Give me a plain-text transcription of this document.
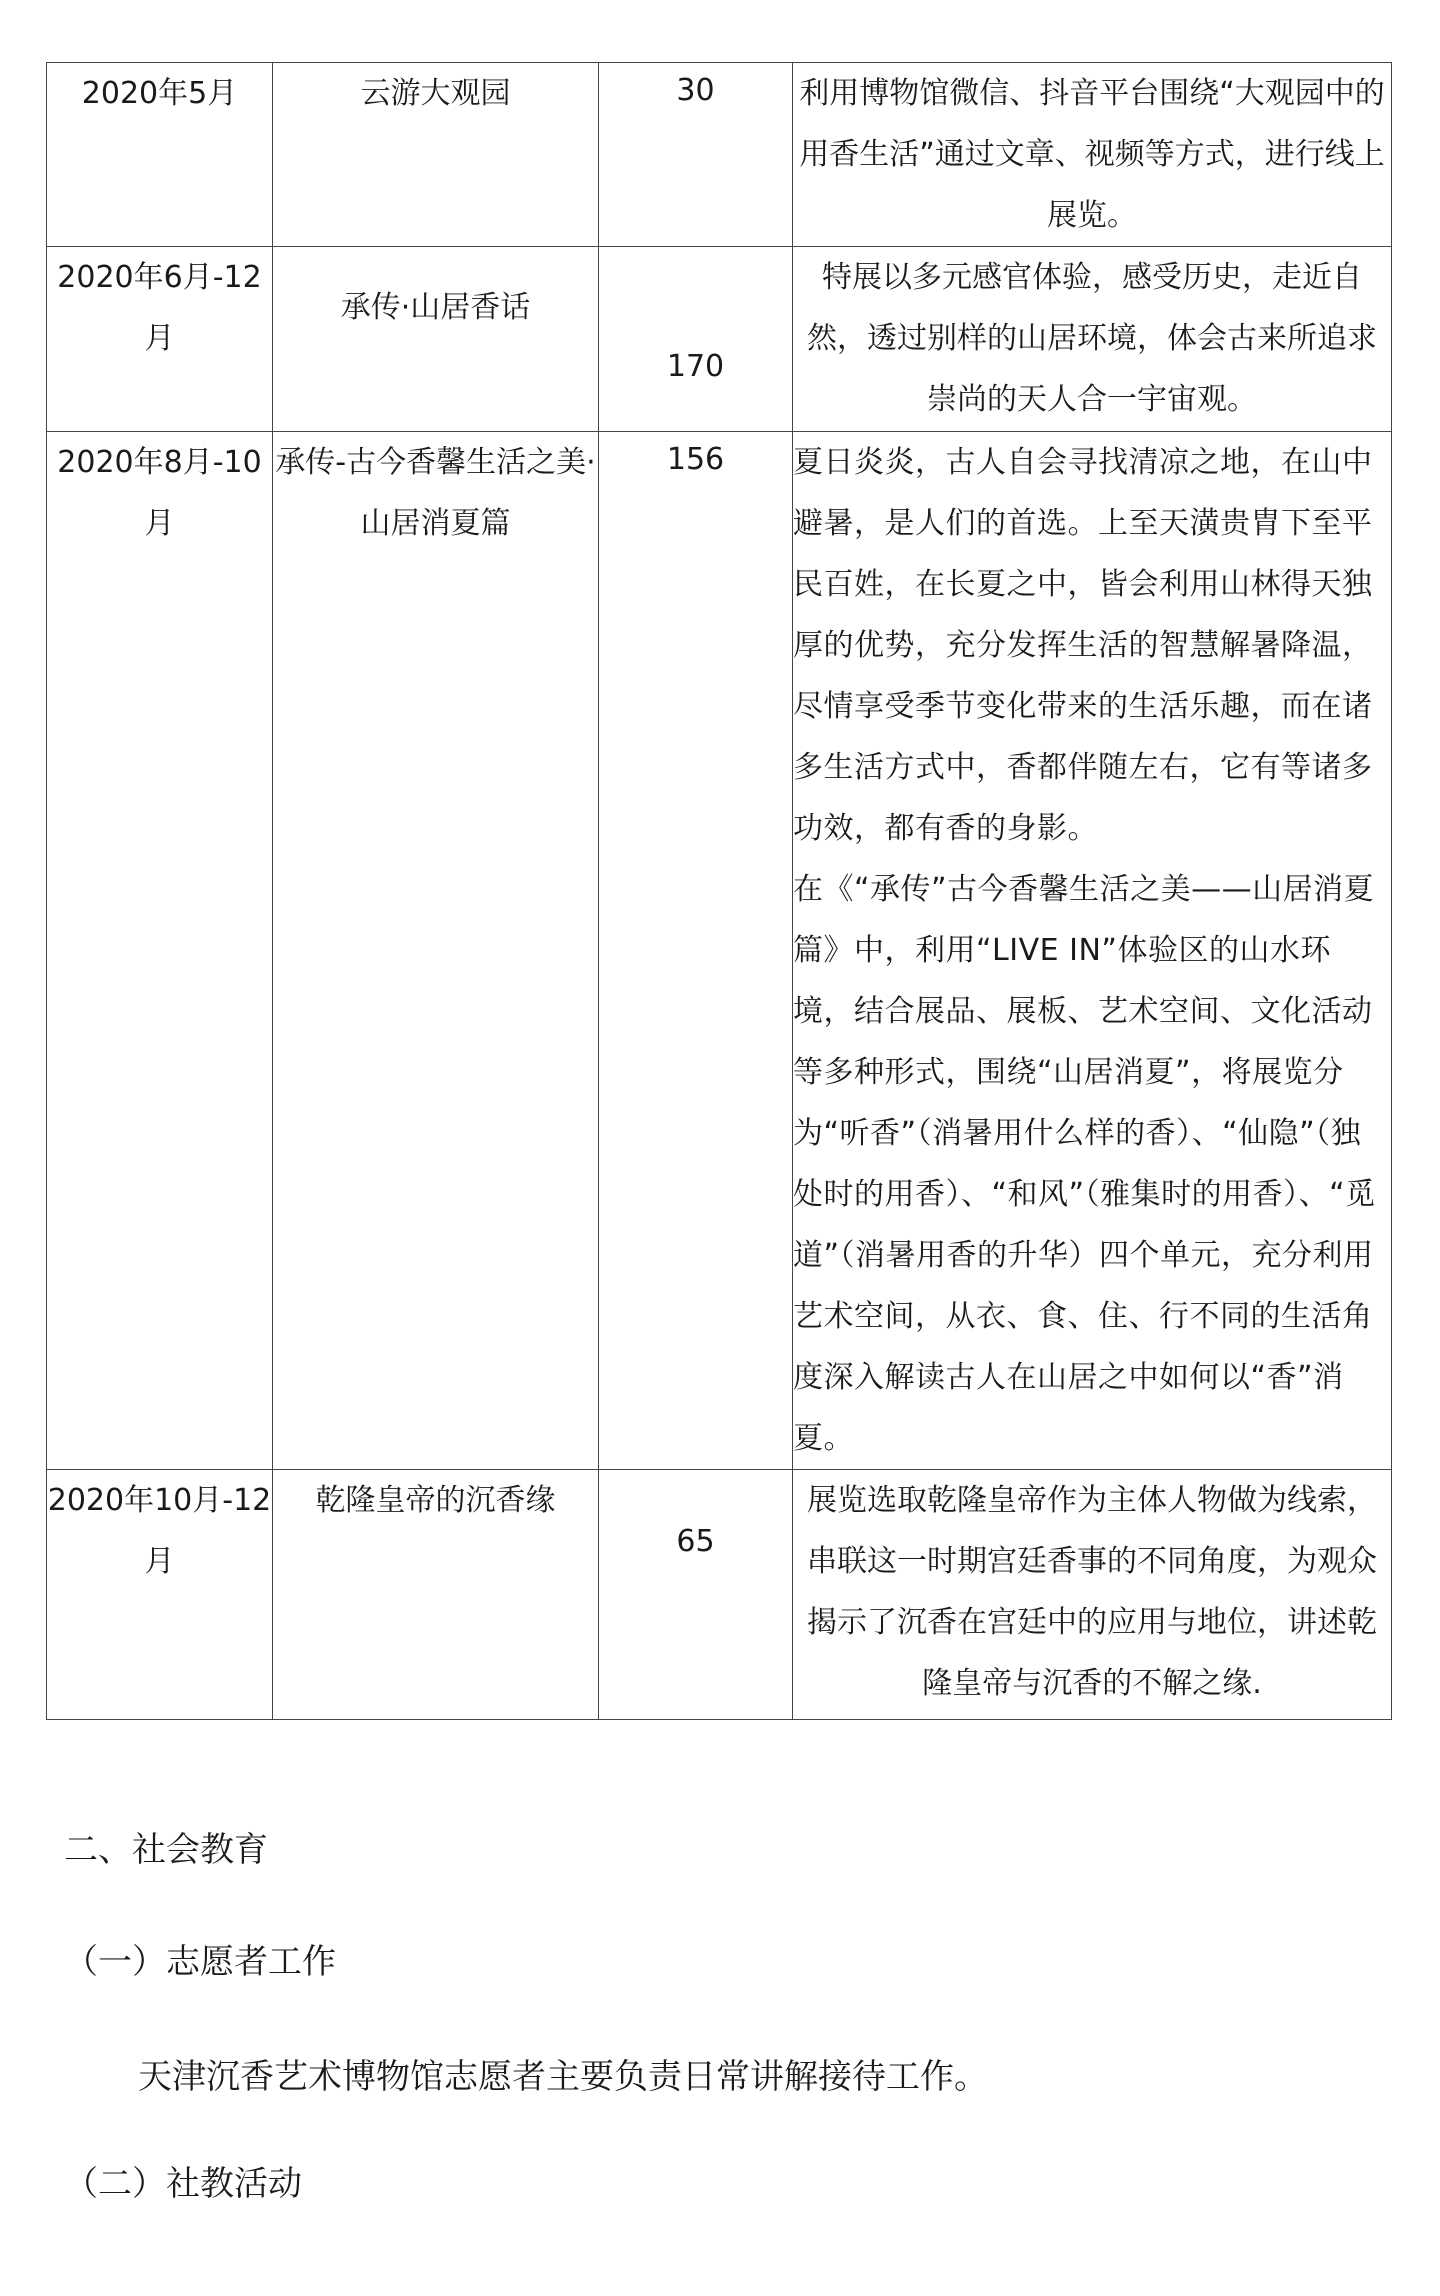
2020年5月	云游大观园	30	利用博物馆微信、抖音平台围绕“大观园中的用香生活”通过文章、视频等方式，进行线上展览。
2020年6月-12月	承传·山居香话	170	特展以多元感官体验，感受历史，走近自然，透过别样的山居环境，体会古来所追求崇尚的天人合一宇宙观。
2020年8月-10月	承传-古今香馨生活之美·山居消夏篇	156	夏日炎炎，古人自会寻找清凉之地，在山中避暑，是人们的首选。上至天潢贵胄下至平民百姓，在长夏之中，皆会利用山林得天独厚的优势，充分发挥生活的智慧解暑降温，尽情享受季节变化带来的生活乐趣，而在诸多生活方式中，香都伴随左右，它有等诸多功效，都有香的身影。
在《“承传”古今香馨生活之美——山居消夏篇》中，利用“LIVE IN”体验区的山水环境，结合展品、展板、艺术空间、文化活动等多种形式，围绕“山居消夏”，将展览分为“听香”（消暑用什么样的香）、“仙隐”（独处时的用香）、“和风”（雅集时的用香）、“觅道”（消暑用香的升华）四个单元，充分利用艺术空间，从衣、食、住、行不同的生活角度深入解读古人在山居之中如何以“香”消夏。

2020年10月-12月	乾隆皇帝的沉香缘	65	展览选取乾隆皇帝作为主体人物做为线索，串联这一时期宫廷香事的不同角度，为观众揭示了沉香在宫廷中的应用与地位，讲述乾隆皇帝与沉香的不解之缘.
二、社会教育
（一）志愿者工作
天津沉香艺术博物馆志愿者主要负责日常讲解接待工作。
（二）社教活动
